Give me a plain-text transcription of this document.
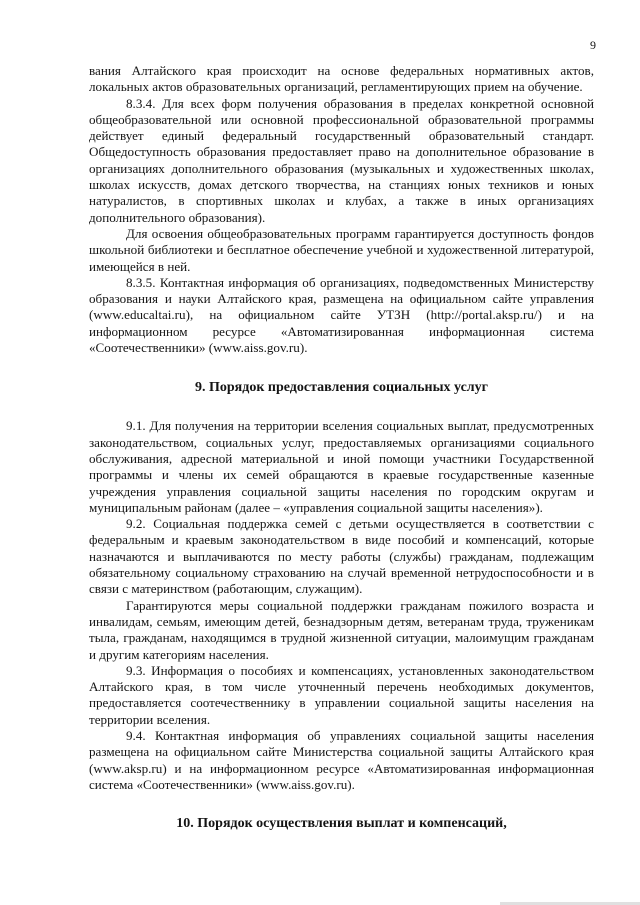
9

вания Алтайского края происходит на основе федеральных нормативных актов, локальных актов образовательных организаций, регламентирующих прием на обучение.

8.3.4. Для всех форм получения образования в пределах конкретной основной общеобразовательной или основной профессиональной образовательной программы действует единый федеральный государственный образовательный стандарт. Общедоступность образования предоставляет право на дополнительное образование в организациях дополнительного образования (музыкальных и художественных школах, школах искусств, домах детского творчества, на станциях юных техников и юных натуралистов, в спортивных школах и клубах, а также в иных организациях дополнительного образования).

Для освоения общеобразовательных программ гарантируется доступность фондов школьной библиотеки и бесплатное обеспечение учебной и художественной литературой, имеющейся в ней.

8.3.5. Контактная информация об организациях, подведомственных Министерству образования и науки Алтайского края, размещена на официальном сайте управления (www.educaltai.ru), на официальном сайте УТЗН (http://portal.aksp.ru/) и на информационном ресурсе «Автоматизированная информационная система «Соотечественники» (www.aiss.gov.ru).

9. Порядок предоставления социальных услуг

9.1. Для получения на территории вселения социальных выплат, предусмотренных законодательством, социальных услуг, предоставляемых организациями социального обслуживания, адресной материальной и иной помощи участники Государственной программы и члены их семей обращаются в краевые государственные казенные учреждения управления социальной защиты населения по городским округам и муниципальным районам (далее – «управления социальной защиты населения»).

9.2. Социальная поддержка семей с детьми осуществляется в соответствии с федеральным и краевым законодательством в виде пособий и компенсаций, которые назначаются и выплачиваются по месту работы (службы) гражданам, подлежащим обязательному социальному страхованию на случай временной нетрудоспособности и в связи с материнством (работающим, служащим).

Гарантируются меры социальной поддержки гражданам пожилого возраста и инвалидам, семьям, имеющим детей, безнадзорным детям, ветеранам труда, труженикам тыла, гражданам, находящимся в трудной жизненной ситуации, малоимущим гражданам и другим категориям населения.

9.3. Информация о пособиях и компенсациях, установленных законодательством Алтайского края, в том числе уточненный перечень необходимых документов, предоставляется соотечественнику в управлении социальной защиты населения на территории вселения.

9.4. Контактная информация об управлениях социальной защиты населения размещена на официальном сайте Министерства социальной защиты Алтайского края (www.aksp.ru) и на информационном ресурсе «Автоматизированная информационная система «Соотечественники» (www.aiss.gov.ru).

10. Порядок осуществления выплат и компенсаций,
